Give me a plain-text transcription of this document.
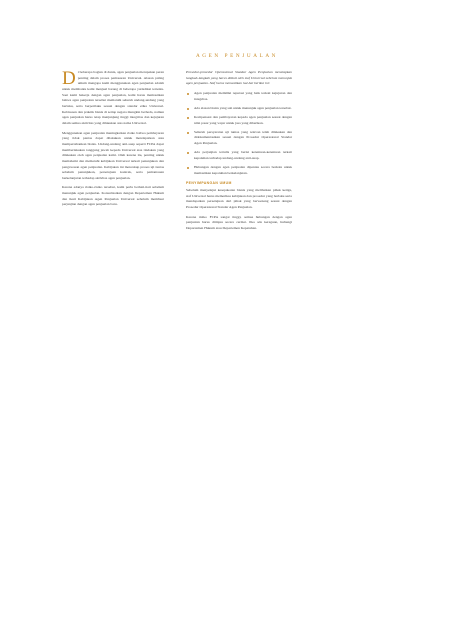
AGEN PENJUALAN

D i beberapa bagian di dunia, agen penjualan merupakan peran penting dalam proses pemasaran Universal. Alasan paling umum mengapa kami menggunakan agen penjualan adalah untuk membantu kami menjual barang di beberapa yurisdiksi tertentu. Saat kami bekerja dengan agen penjualan, kami harus memastikan bahwa agen penjualan tersebut mematuhi seluruh undang-undang yang berlaku, serta berperilaku sesuai dengan standar etika Universal. Kebiasaan dan praktik bisnis di setiap negara mungkin berbeda, namun agen penjualan harus tetap menjunjung tinggi integritas dan kejujuran dalam semua aktivitas yang dilakukan atas nama Universal.

Menggunakan agen penjualan meningkatkan risiko bahwa pembayaran yang tidak pantas dapat dilakukan untuk mendapatkan atau mempertahankan bisnis. Undang-undang anti-suap seperti FCPA dapat memberlakukan tanggung jawab kepada Universal atas tindakan yang dilakukan oleh agen penjualan kami. Oleh karena itu, penting untuk memahami dan mematuhi kebijakan Universal terkait penunjukan dan pengawasan agen penjualan. Kebijakan ini mencakup proses uji tuntas sebelum penunjukan, persetujuan kontrak, serta pemantauan berkelanjutan terhadap aktivitas agen penjualan.

Karena adanya risiko-risiko tersebut, kami perlu berhati-hati sebelum menunjuk agen penjualan. Konsultasikan dengan Departemen Hukum dan ikuti Kebijakan Agen Penjualan Universal sebelum membuat perjanjian dengan agen penjualan baru.

Prosedur-prosedur Operasional Standar Agen Penjualan menetapkan langkah-langkah yang harus diikuti oleh staf Universal sebelum menunjuk agen penjualan. Staf harus memastikan hal-hal berikut ini:

Agen penjualan memiliki reputasi yang baik terkait kejujuran dan integritas.
Ada alasan bisnis yang sah untuk menunjuk agen penjualan tersebut.
Kompensasi dan pembayaran kepada agen penjualan sesuai dengan nilai pasar yang wajar untuk jasa yang diberikan.
Seluruh persyaratan uji tuntas yang relevan telah dilakukan dan didokumentasikan sesuai dengan Prosedur Operasional Standar Agen Penjualan.
Ada perjanjian tertulis yang berisi ketentuan-ketentuan terkait kepatuhan terhadap undang-undang anti-suap.
Hubungan dengan agen penjualan dipantau secara berkala untuk memastikan kepatuhan berkelanjutan.
PENYIMPANGAN UMUM

Sebelum menyetujui kesepakatan bisnis yang melibatkan pihak ketiga, staf Universal harus memeriksa kebijakan dan prosedur yang berlaku serta mendapatkan persetujuan dari pihak yang berwenang sesuai dengan Prosedur Operasional Standar Agen Penjualan.

Karena risiko FCPA sangat tinggi, semua hubungan dengan agen penjualan harus ditinjau secara cermat. Jika ada keraguan, hubungi Departemen Hukum atau Departemen Kepatuhan.
